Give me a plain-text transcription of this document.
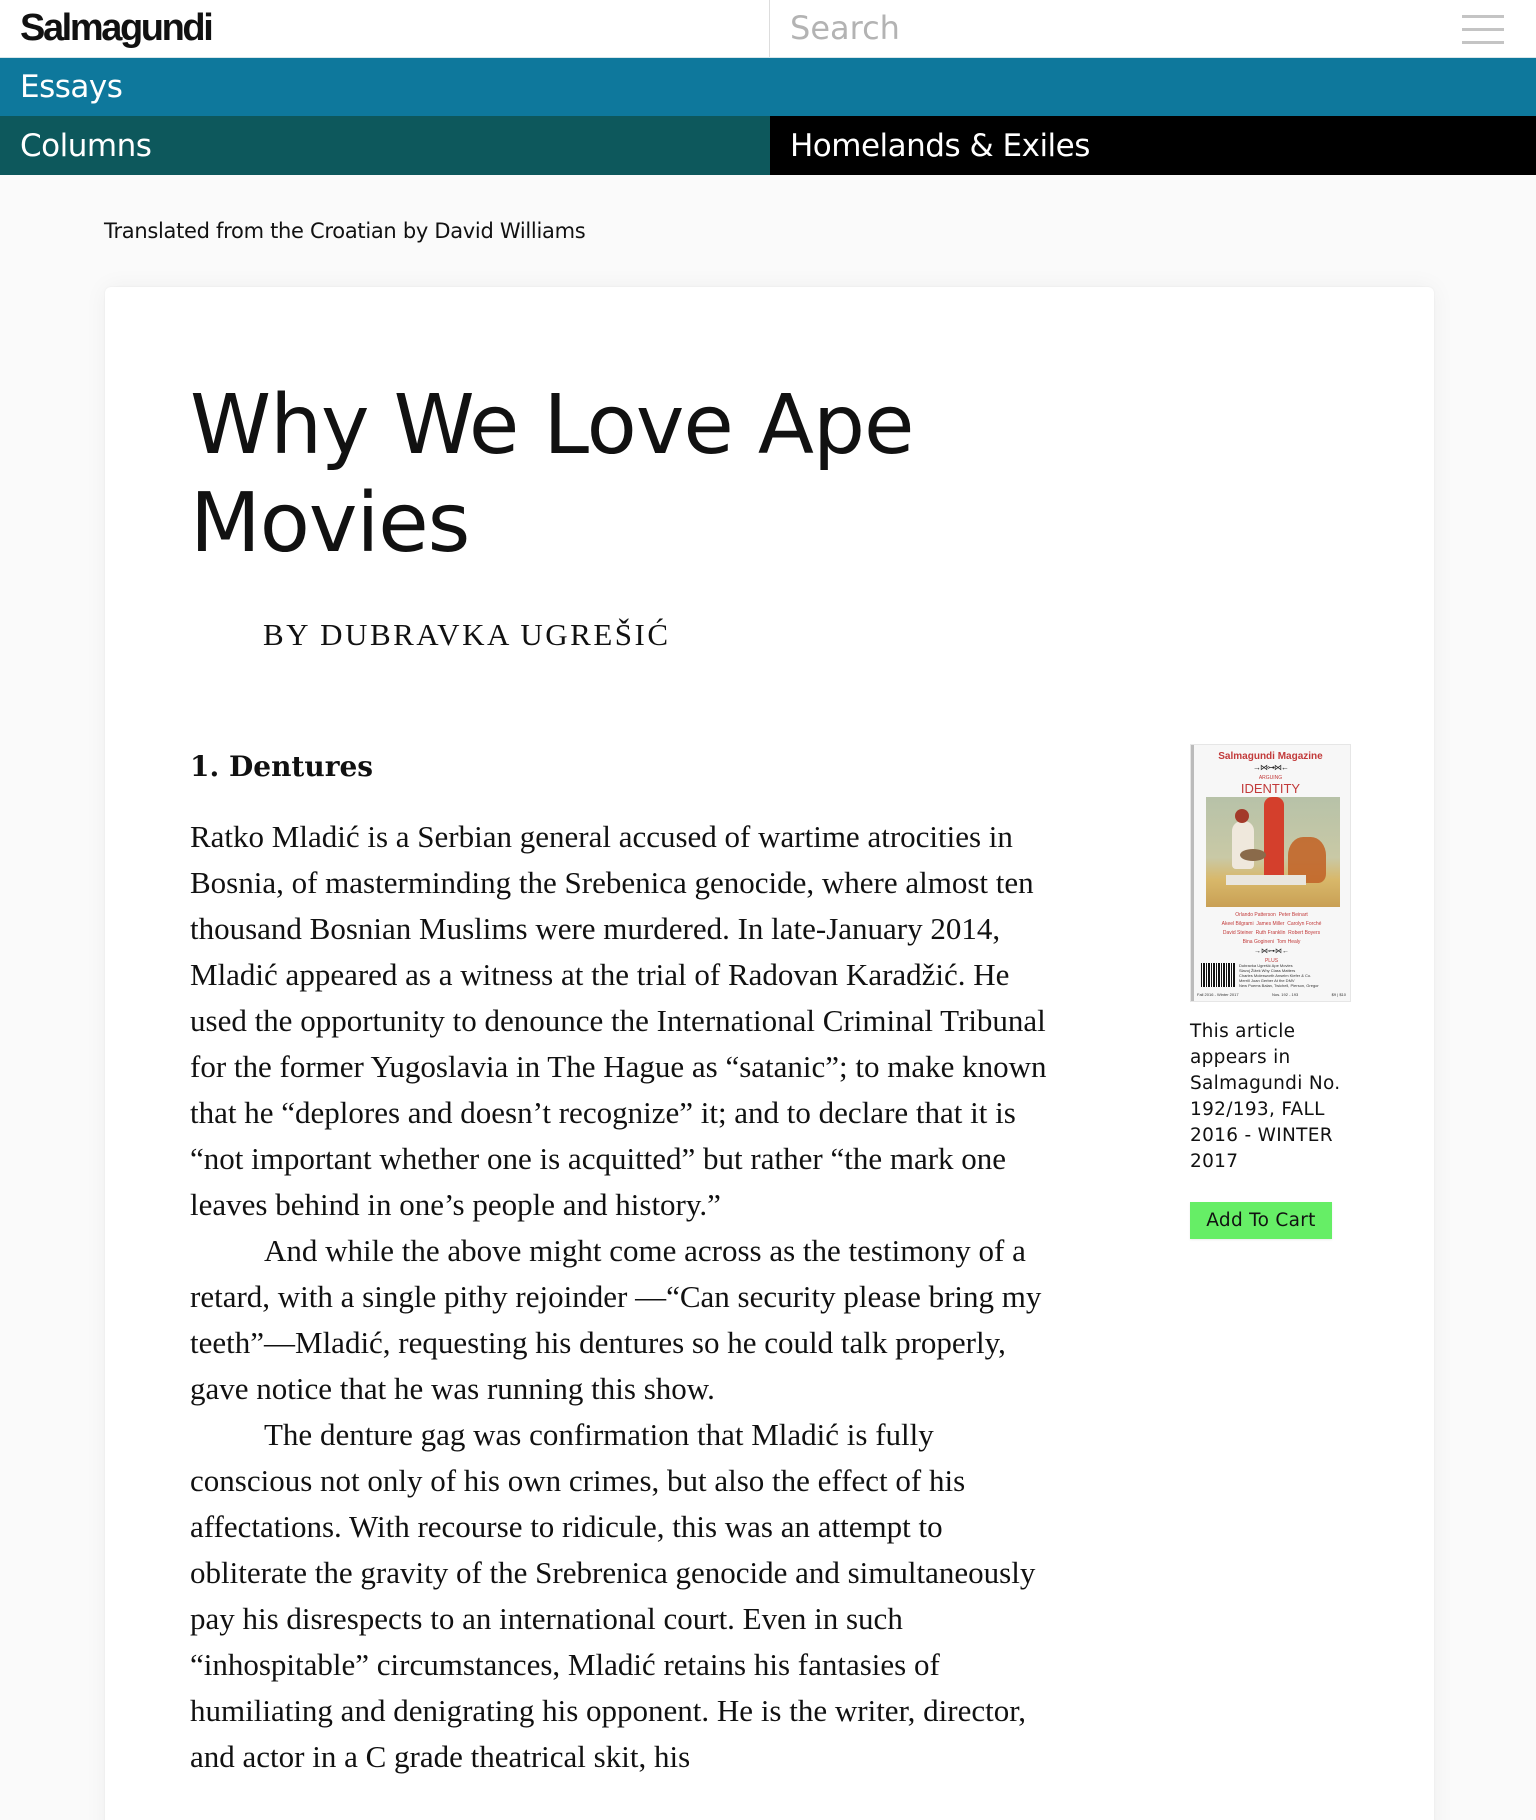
Salmagundi
Search
Essays
Columns	Homelands & Exiles
Translated from the Croatian by David Williams
Why We Love Ape Movies
BY DUBRAVKA UGREŠIĆ
1. Dentures

Ratko Mladić is a Serbian general accused of wartime atrocities in Bosnia, of masterminding the Srebenica genocide, where almost ten thousand Bosnian Muslims were murdered. In late-January 2014, Mladić appeared as a witness at the trial of Radovan Karadžić. He used the opportunity to denounce the International Criminal Tribunal for the former Yugoslavia in The Hague as “satanic”; to make known that he “deplores and doesn’t recognize” it; and to declare that it is “not important whether one is acquitted” but rather “the mark one leaves behind in one’s people and history.”

And while the above might come across as the testimony of a retard, with a single pithy rejoinder —“Can security please bring my teeth”—Mladić, requesting his dentures so he could talk properly, gave notice that he was running this show.

The denture gag was confirmation that Mladić is fully conscious not only of his own crimes, but also the effect of his affectations. With recourse to ridicule, this was an attempt to obliterate the gravity of the Srebrenica genocide and simultaneously pay his disrespects to an international court. Even in such “inhospitable” circumstances, Mladić retains his fantasies of humiliating and denigrating his opponent. He is the writer, director, and actor in a C grade theatrical skit, his

Salmagundi Magazine
→⋈⊶⋈←
ARGUING
IDENTITY
Orlando Patterson Peter Beinart
Akeel Bilgrami James Miller Carolyn Forché
David Steiner Ruth Franklin Robert Boyers
Bina Gogineni Tom Healy
→⋈⊶⋈←
PLUS
Dubravka Ugrešić Ape Movies
Slavoj Žižek Why Class Matters
Charles Molesworth Anselm Kiefer & Co.
Merrill Joan Gerber At the DMV
New Poems Balan, Twichell, Pierson, Gregor
Fall 2016 - Winter 2017	Nos. 192 - 193	$9 | $10
This article appears in Salmagundi No. 192/193, FALL 2016 - WINTER 2017
Add To Cart
